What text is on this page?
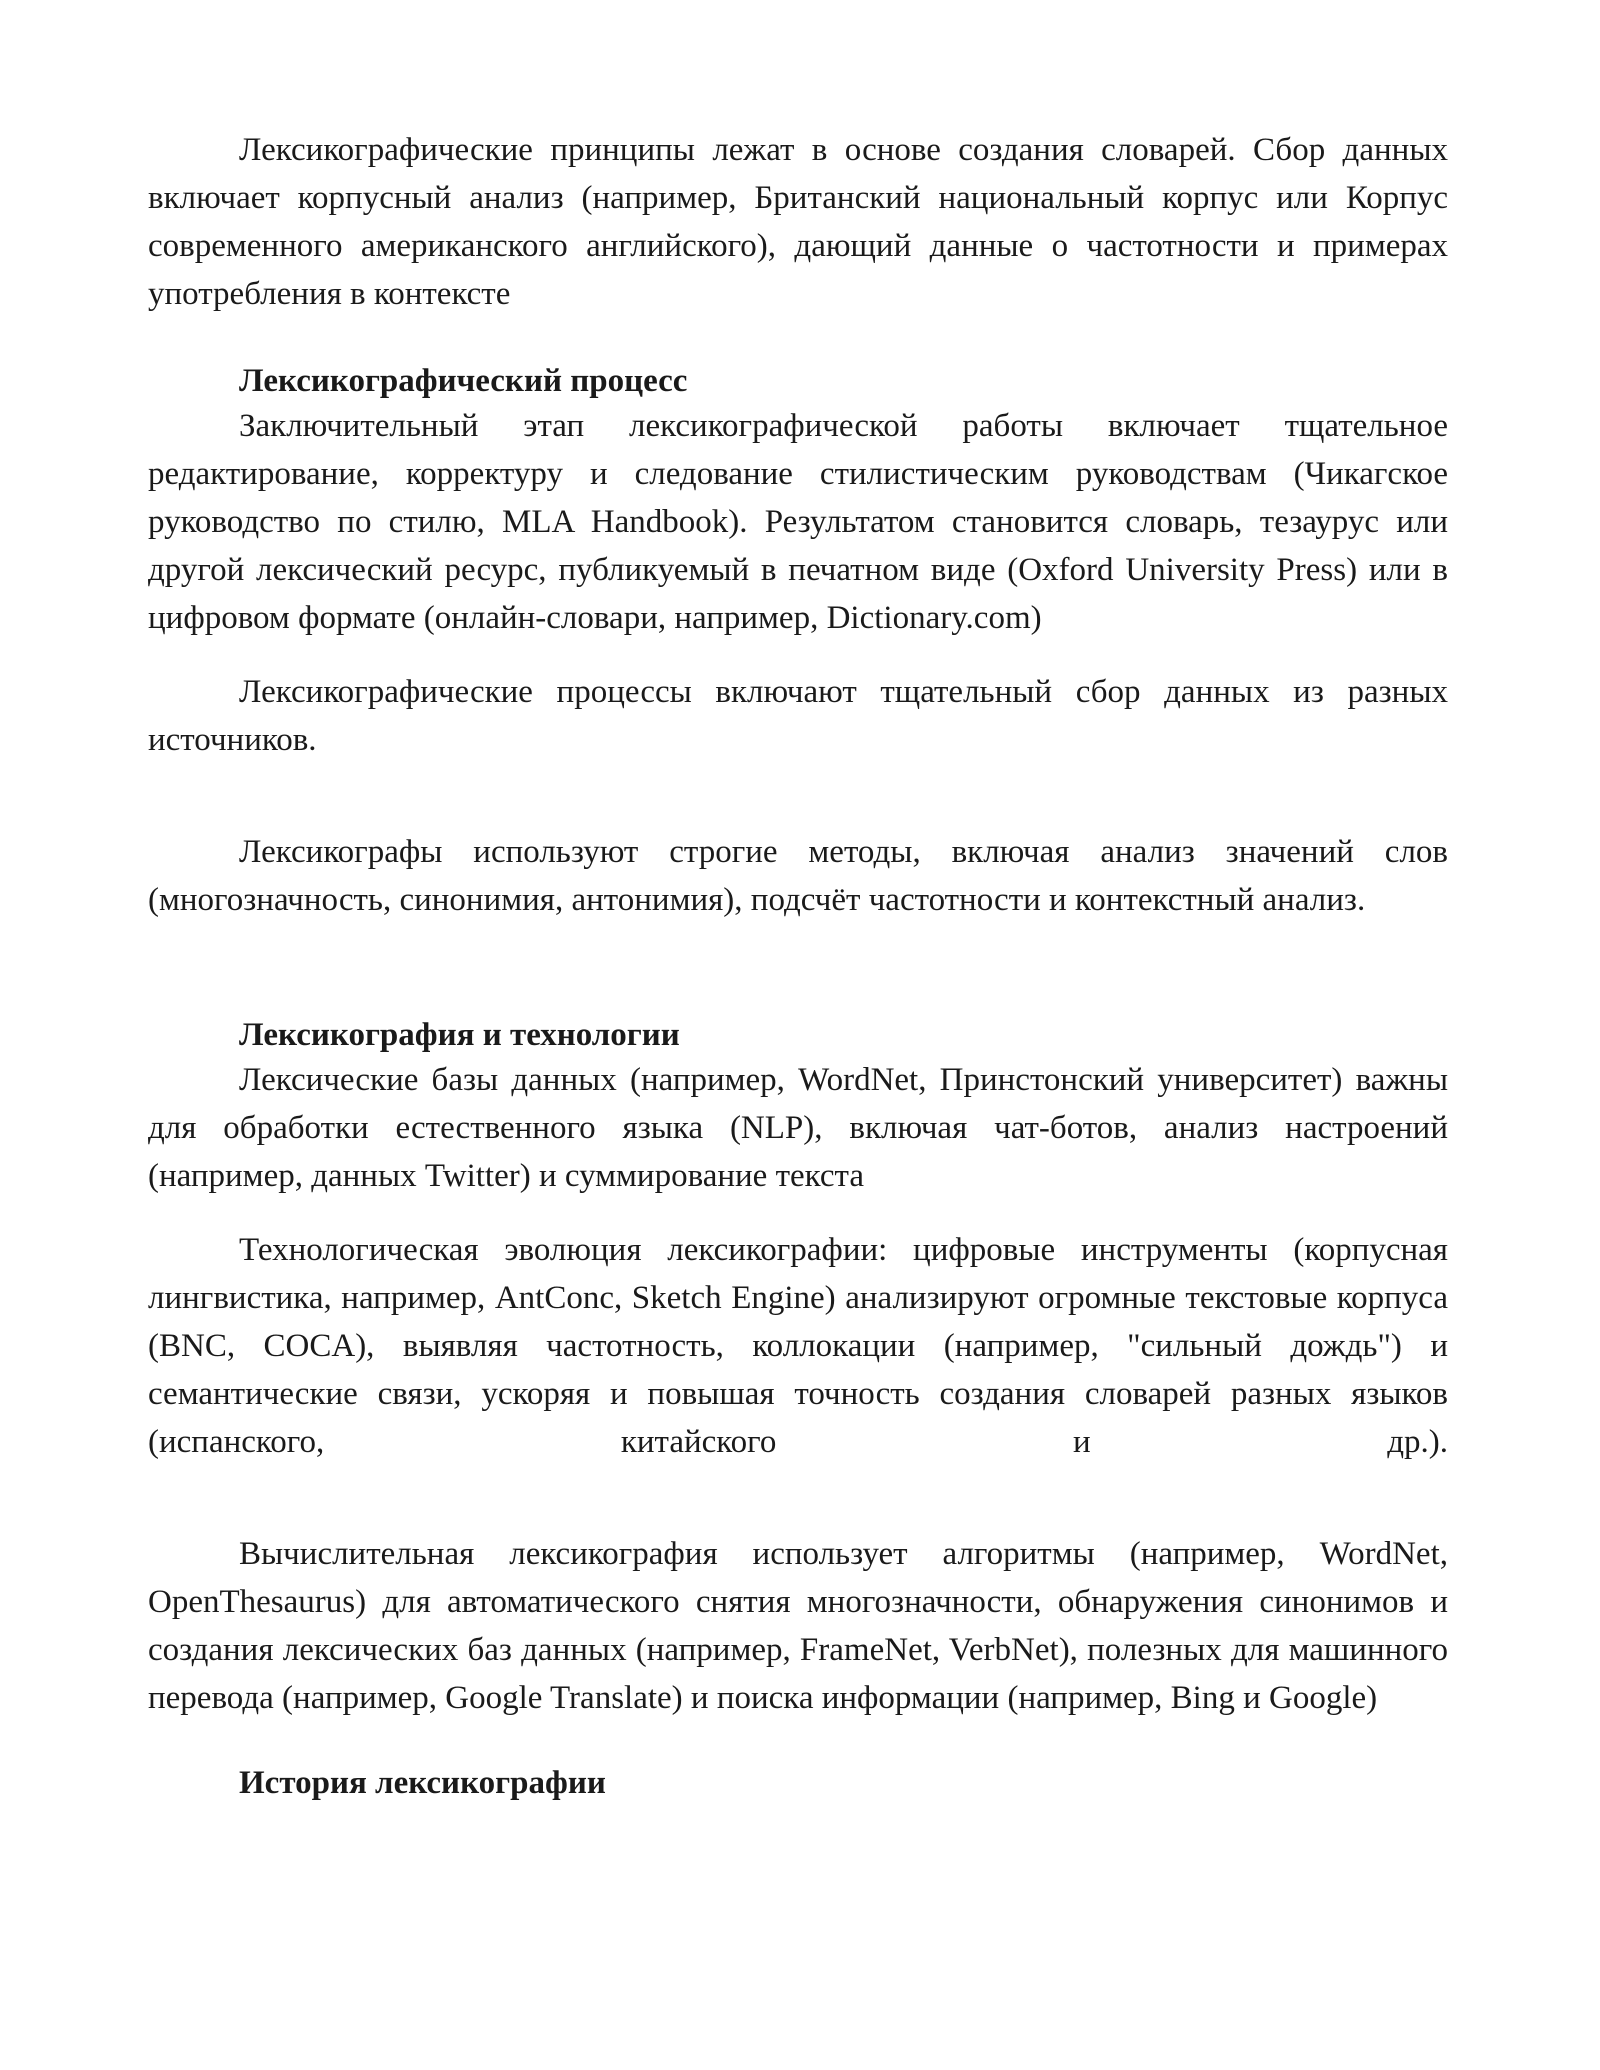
Лексикографические принципы лежат в основе создания словарей. Сбор данных включает корпусный анализ (например, Британский национальный корпус или Корпус современного американского английского), дающий данные о частотности и примерах употребления в контексте

Лексикографический процесс

Заключительный этап лексикографической работы включает тщательное редактирование, корректуру и следование стилистическим руководствам (Чикагское руководство по стилю, MLA Handbook). Результатом становится словарь, тезаурус или другой лексический ресурс, публикуемый в печатном виде (Oxford University Press) или в цифровом формате (онлайн-словари, например, Dictionary.com)

Лексикографические процессы включают тщательный сбор данных из разных источников.

Лексикографы используют строгие методы, включая анализ значений слов (многозначность, синонимия, антонимия), подсчёт частотности и контекстный анализ.

Лексикография и технологии

Лексические базы данных (например, WordNet, Принстонский университет) важны для обработки естественного языка (NLP), включая чат-ботов, анализ настроений (например, данных Twitter) и суммирование текста

Технологическая эволюция лексикографии: цифровые инструменты (корпусная лингвистика, например, AntConc, Sketch Engine) анализируют огромные текстовые корпуса (BNC, COCA), выявляя частотность, коллокации (например, "сильный дождь") и семантические связи, ускоряя и повышая точность создания словарей разных языков (испанского, китайского и др.).

Вычислительная лексикография использует алгоритмы (например, WordNet, OpenThesaurus) для автоматического снятия многозначности, обнаружения синонимов и создания лексических баз данных (например, FrameNet, VerbNet), полезных для машинного перевода (например, Google Translate) и поиска информации (например, Bing и Google)

История лексикографии
